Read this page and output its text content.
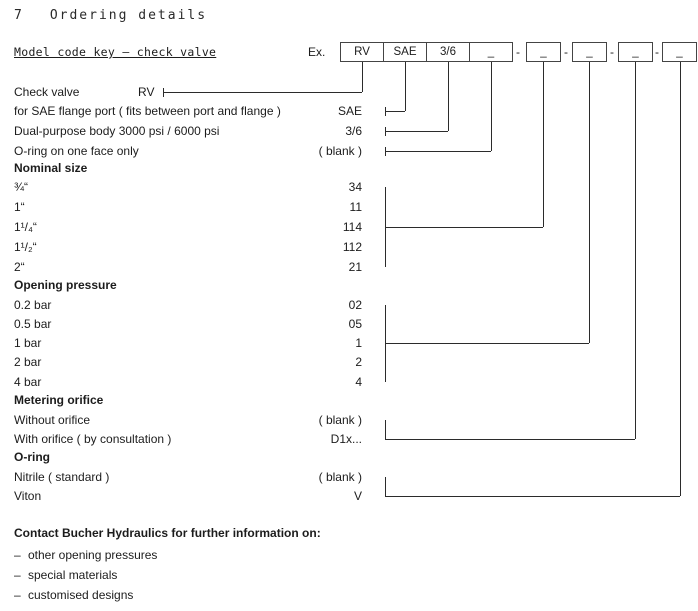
7 Ordering details
Model code key – check valve	Ex.	RV	SAE	3/6	_	-	_	-	_	-	_	-	_
Check valve	RV
for SAE flange port ( fits between port and flange )	SAE
Dual-purpose body 3000 psi / 6000 psi	3/6
O-ring on one face only	( blank )
Nominal size
¾“	34
1“	11
1¹/₄“	114
1¹/₂“	112
2“	21
Opening pressure
0.2 bar	02
0.5 bar	05
1 bar	1
2 bar	2
4 bar	4
Metering orifice
Without orifice	( blank )
With orifice ( by consultation )	D1x...
O-ring
Nitrile ( standard )	( blank )
Viton	V
Contact Bucher Hydraulics for further information on:
– other opening pressures
– special materials
– customised designs
